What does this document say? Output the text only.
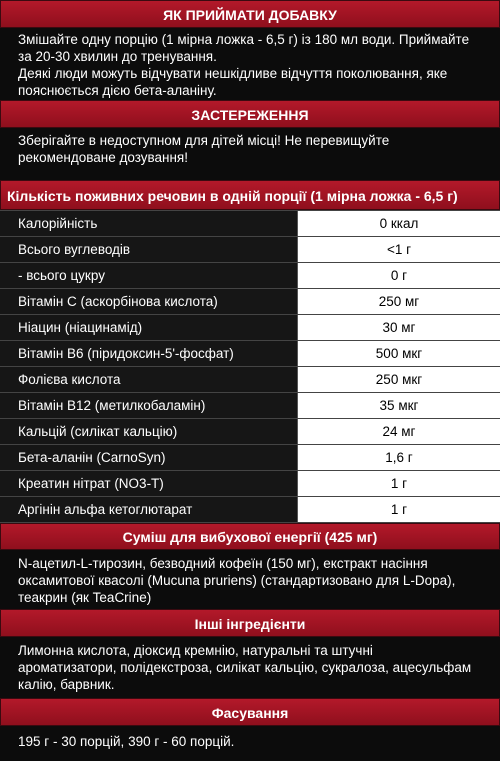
ЯК ПРИЙМАТИ ДОБАВКУ
Змішайте одну порцію (1 мірна ложка - 6,5 г) із 180 мл води. Приймайте
за 20-30 хвилин до тренування.
Деякі люди можуть відчувати нешкідливе відчуття поколювання, яке
пояснюється дією бета-аланіну.
ЗАСТЕРЕЖЕННЯ
Зберігайте в недоступном для дітей місці! Не перевищуйте
рекомендоване дозування!
Кількість поживних речовин в одній порції (1 мірна ложка - 6,5 г)
Калорійність	0 ккал
Всього вуглеводів	<1 г
- всього цукру	0 г
Вітамін С (аскорбінова кислота)	250 мг
Ніацин (ніацинамід)	30 мг
Вітамін В6 (піридоксин-5'-фосфат)	500 мкг
Фолієва кислота	250 мкг
Вітамін В12 (метилкобаламін)	35 мкг
Кальцій (силікат кальцію)	24 мг
Бета-аланін (CarnoSyn)	1,6 г
Креатин нітрат (NO3-T)	1 г
Аргінін альфа кетоглютарат	1 г
Суміш для вибухової енергії (425 мг)
N-ацетил-L-тирозин, безводний кофеїн (150 мг), екстракт насіння
оксамитової квасолі (Mucuna pruriens) (стандартизовано для L-Dopa),
теакрин (як TeaCrine)
Інші інгредієнти
Лимонна кислота, діоксид кремнію, натуральні та штучні
ароматизатори, полідекстроза, силікат кальцію, сукралоза, ацесульфам
калію, барвник.
Фасування
195 г - 30 порцій, 390 г - 60 порцій.
